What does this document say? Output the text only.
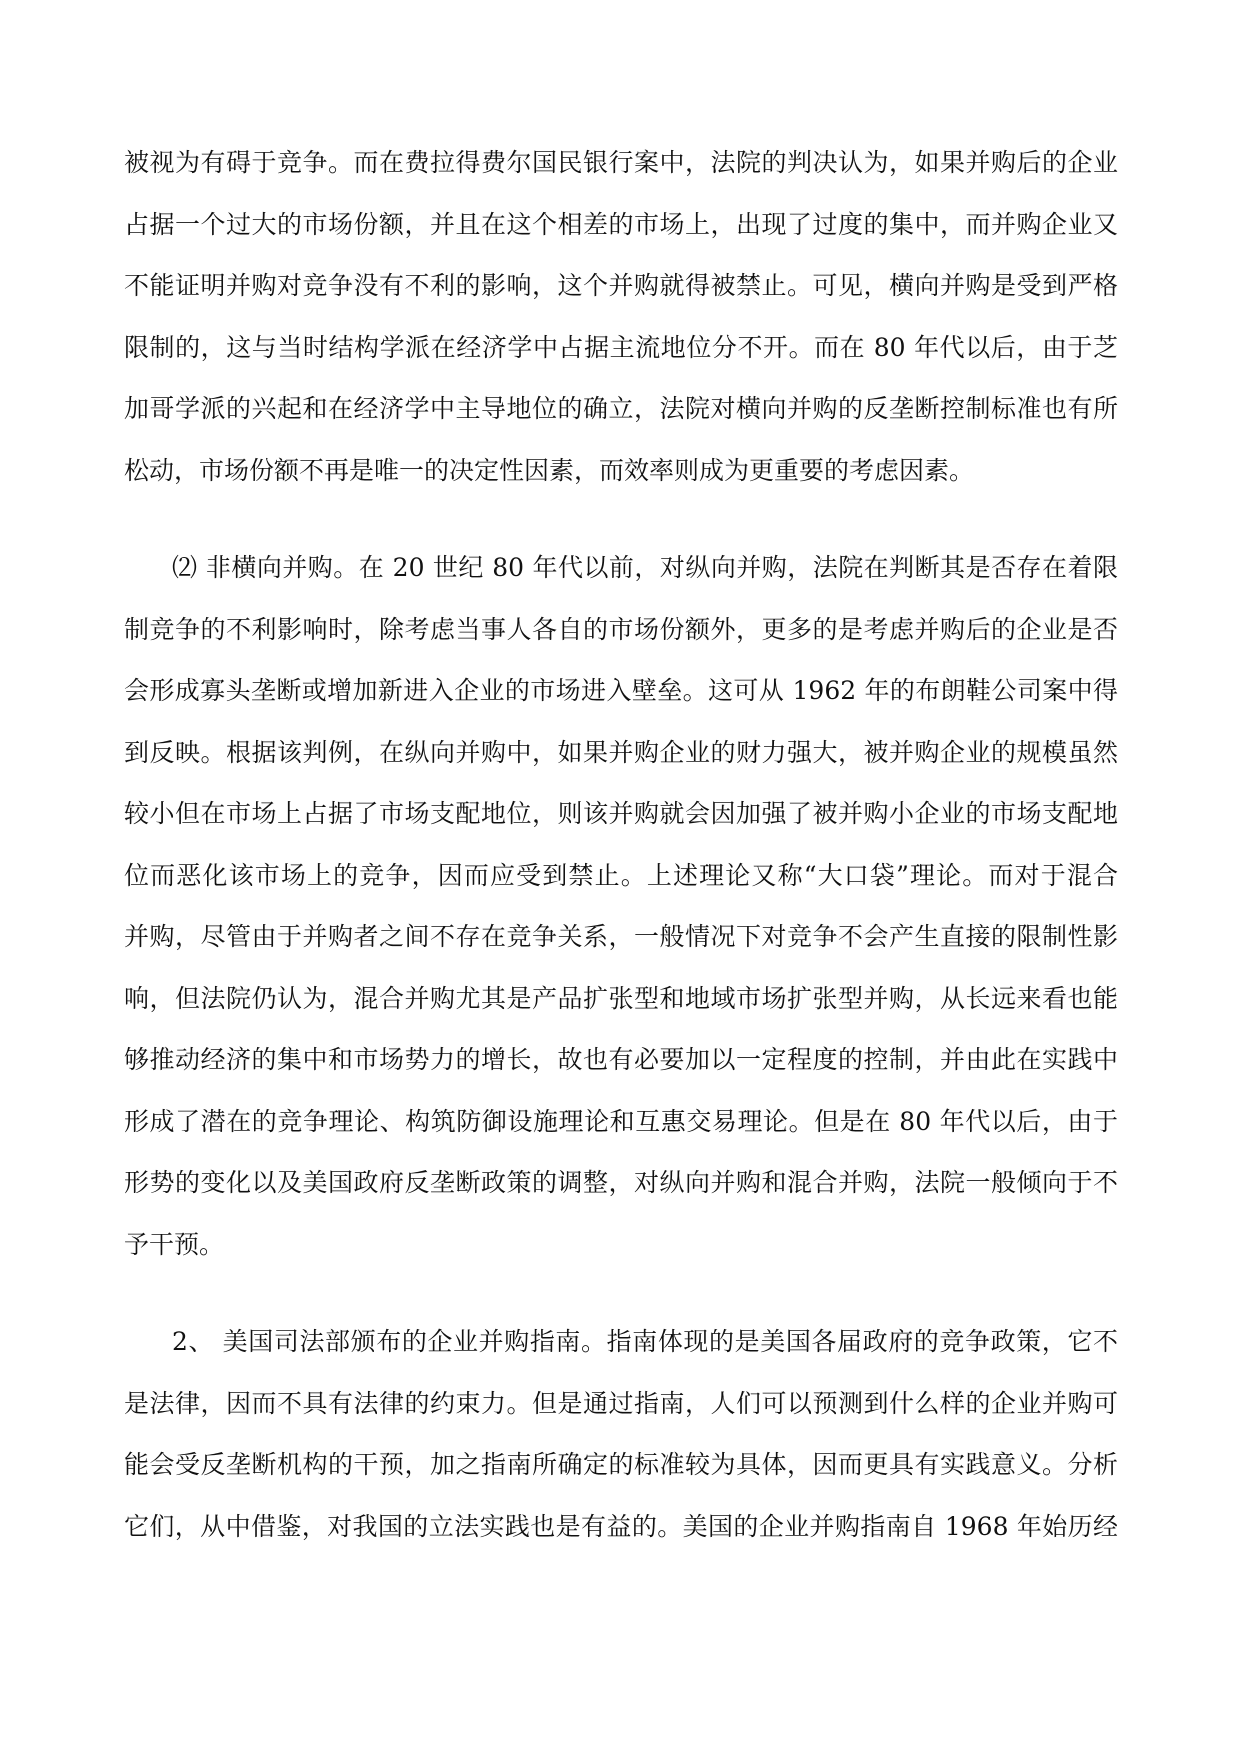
被视为有碍于竞争。而在费拉得费尔国民银行案中，法院的判决认为，如果并购后的企业
占据一个过大的市场份额，并且在这个相差的市场上，出现了过度的集中，而并购企业又
不能证明并购对竞争没有不利的影响，这个并购就得被禁止。可见，横向并购是受到严格
限制的，这与当时结构学派在经济学中占据主流地位分不开。而在 80 年代以后，由于芝
加哥学派的兴起和在经济学中主导地位的确立，法院对横向并购的反垄断控制标准也有所
松动，市场份额不再是唯一的决定性因素，而效率则成为更重要的考虑因素。
⑵ 非横向并购。在 20 世纪 80 年代以前，对纵向并购，法院在判断其是否存在着限
制竞争的不利影响时，除考虑当事人各自的市场份额外，更多的是考虑并购后的企业是否
会形成寡头垄断或增加新进入企业的市场进入壁垒。这可从 1962 年的布朗鞋公司案中得
到反映。根据该判例，在纵向并购中，如果并购企业的财力强大，被并购企业的规模虽然
较小但在市场上占据了市场支配地位，则该并购就会因加强了被并购小企业的市场支配地
位而恶化该市场上的竞争，因而应受到禁止。上述理论又称“大口袋”理论。而对于混合
并购，尽管由于并购者之间不存在竞争关系，一般情况下对竞争不会产生直接的限制性影
响，但法院仍认为，混合并购尤其是产品扩张型和地域市场扩张型并购，从长远来看也能
够推动经济的集中和市场势力的增长，故也有必要加以一定程度的控制，并由此在实践中
形成了潜在的竞争理论、构筑防御设施理论和互惠交易理论。但是在 80 年代以后，由于
形势的变化以及美国政府反垄断政策的调整，对纵向并购和混合并购，法院一般倾向于不
予干预。
2、 美国司法部颁布的企业并购指南。指南体现的是美国各届政府的竞争政策，它不
是法律，因而不具有法律的约束力。但是通过指南，人们可以预测到什么样的企业并购可
能会受反垄断机构的干预，加之指南所确定的标准较为具体，因而更具有实践意义。分析
它们，从中借鉴，对我国的立法实践也是有益的。美国的企业并购指南自 1968 年始历经
